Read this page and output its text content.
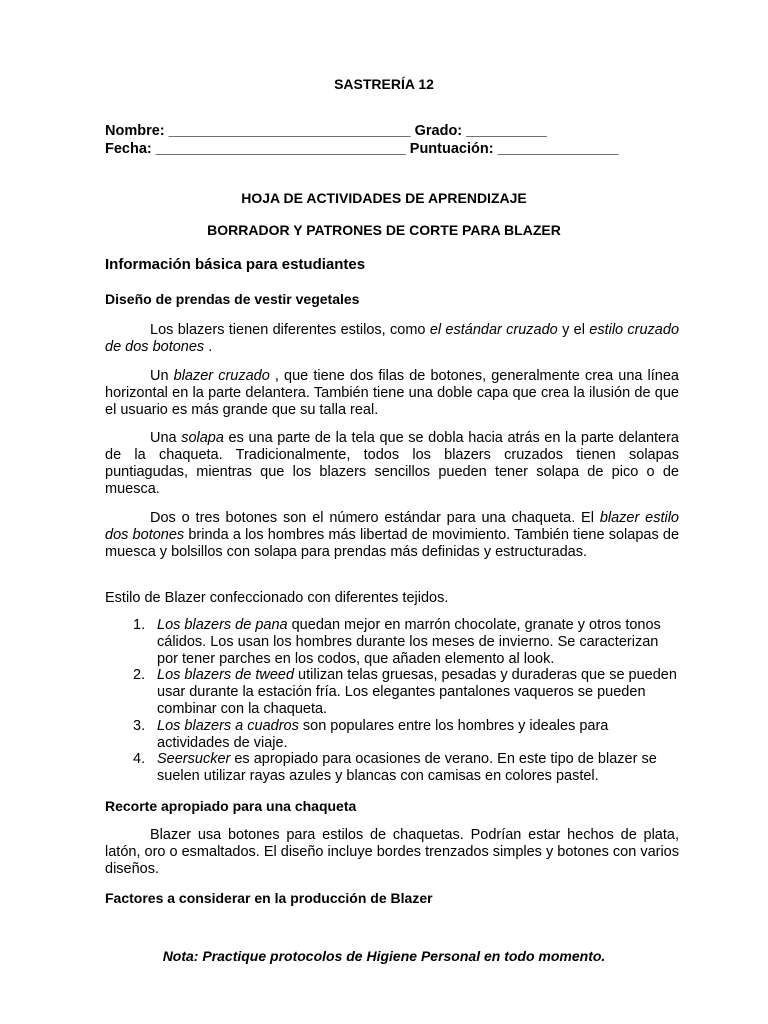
SASTRERÍA 12
Nombre: ______________________________ Grado: __________
Fecha: _______________________________ Puntuación: _______________
HOJA DE ACTIVIDADES DE APRENDIZAJE
BORRADOR Y PATRONES DE CORTE PARA BLAZER
Información básica para estudiantes
Diseño de prendas de vestir vegetales

Los blazers tienen diferentes estilos, como el estándar cruzado y el estilo cruzado de dos botones .

Un blazer cruzado , que tiene dos filas de botones, generalmente crea una línea horizontal en la parte delantera. También tiene una doble capa que crea la ilusión de que el usuario es más grande que su talla real.

Una solapa es una parte de la tela que se dobla hacia atrás en la parte delantera de la chaqueta. Tradicionalmente, todos los blazers cruzados tienen solapas puntiagudas, mientras que los blazers sencillos pueden tener solapa de pico o de muesca.

Dos o tres botones son el número estándar para una chaqueta. El blazer estilo dos botones brinda a los hombres más libertad de movimiento. También tiene solapas de muesca y bolsillos con solapa para prendas más definidas y estructuradas.

Estilo de Blazer confeccionado con diferentes tejidos.

1. Los blazers de pana quedan mejor en marrón chocolate, granate y otros tonos cálidos. Los usan los hombres durante los meses de invierno. Se caracterizan por tener parches en los codos, que añaden elemento al look.
2. Los blazers de tweed utilizan telas gruesas, pesadas y duraderas que se pueden usar durante la estación fría. Los elegantes pantalones vaqueros se pueden combinar con la chaqueta.
3. Los blazers a cuadros son populares entre los hombres y ideales para actividades de viaje.
4. Seersucker es apropiado para ocasiones de verano. En este tipo de blazer se suelen utilizar rayas azules y blancas con camisas en colores pastel.
Recorte apropiado para una chaqueta

Blazer usa botones para estilos de chaquetas. Podrían estar hechos de plata, latón, oro o esmaltados. El diseño incluye bordes trenzados simples y botones con varios diseños.

Factores a considerar en la producción de Blazer
Nota: Practique protocolos de Higiene Personal en todo momento.
